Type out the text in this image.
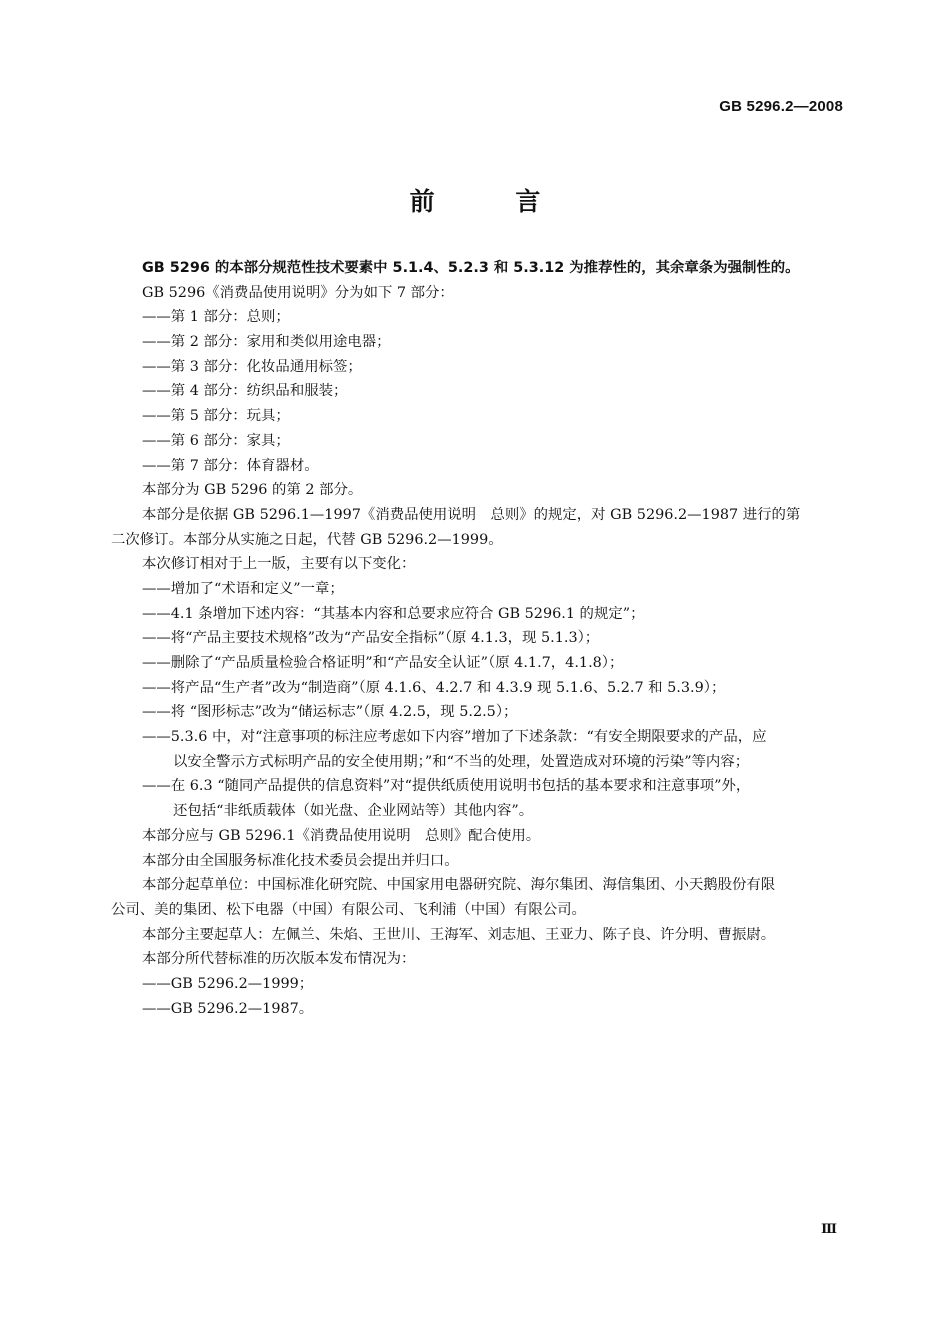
GB 5296.2—2008
前 言
GB 5296 的本部分规范性技术要素中 5.1.4、5.2.3 和 5.3.12 为推荐性的，其余章条为强制性的。
GB 5296《消费品使用说明》分为如下 7 部分：
——第 1 部分：总则；
——第 2 部分：家用和类似用途电器；
——第 3 部分：化妆品通用标签；
——第 4 部分：纺织品和服装；
——第 5 部分：玩具；
——第 6 部分：家具；
——第 7 部分：体育器材。
本部分为 GB 5296 的第 2 部分。
本部分是依据 GB 5296.1—1997《消费品使用说明　总则》的规定，对 GB 5296.2—1987 进行的第
二次修订。本部分从实施之日起，代替 GB 5296.2—1999。
本次修订相对于上一版，主要有以下变化：
——增加了“术语和定义”一章；
——4.1 条增加下述内容：“其基本内容和总要求应符合 GB 5296.1 的规定”；
——将“产品主要技术规格”改为“产品安全指标”（原 4.1.3，现 5.1.3）；
——删除了“产品质量检验合格证明”和“产品安全认证”（原 4.1.7，4.1.8）；
——将产品“生产者”改为“制造商”（原 4.1.6、4.2.7 和 4.3.9 现 5.1.6、5.2.7 和 5.3.9）；
——将 “图形标志”改为“储运标志”（原 4.2.5，现 5.2.5）；
——5.3.6 中，对“注意事项的标注应考虑如下内容”增加了下述条款：“有安全期限要求的产品，应
以安全警示方式标明产品的安全使用期；”和“不当的处理，处置造成对环境的污染”等内容；
——在 6.3 “随同产品提供的信息资料”对“提供纸质使用说明书包括的基本要求和注意事项”外，
还包括“非纸质载体（如光盘、企业网站等）其他内容”。
本部分应与 GB 5296.1《消费品使用说明　总则》配合使用。
本部分由全国服务标准化技术委员会提出并归口。
本部分起草单位：中国标准化研究院、中国家用电器研究院、海尔集团、海信集团、小天鹅股份有限
公司、美的集团、松下电器（中国）有限公司、飞利浦（中国）有限公司。
本部分主要起草人：左佩兰、朱焰、王世川、王海军、刘志旭、王亚力、陈子良、许分明、曹振尉。
本部分所代替标准的历次版本发布情况为：
——GB 5296.2—1999；
——GB 5296.2—1987。
Ⅲ
